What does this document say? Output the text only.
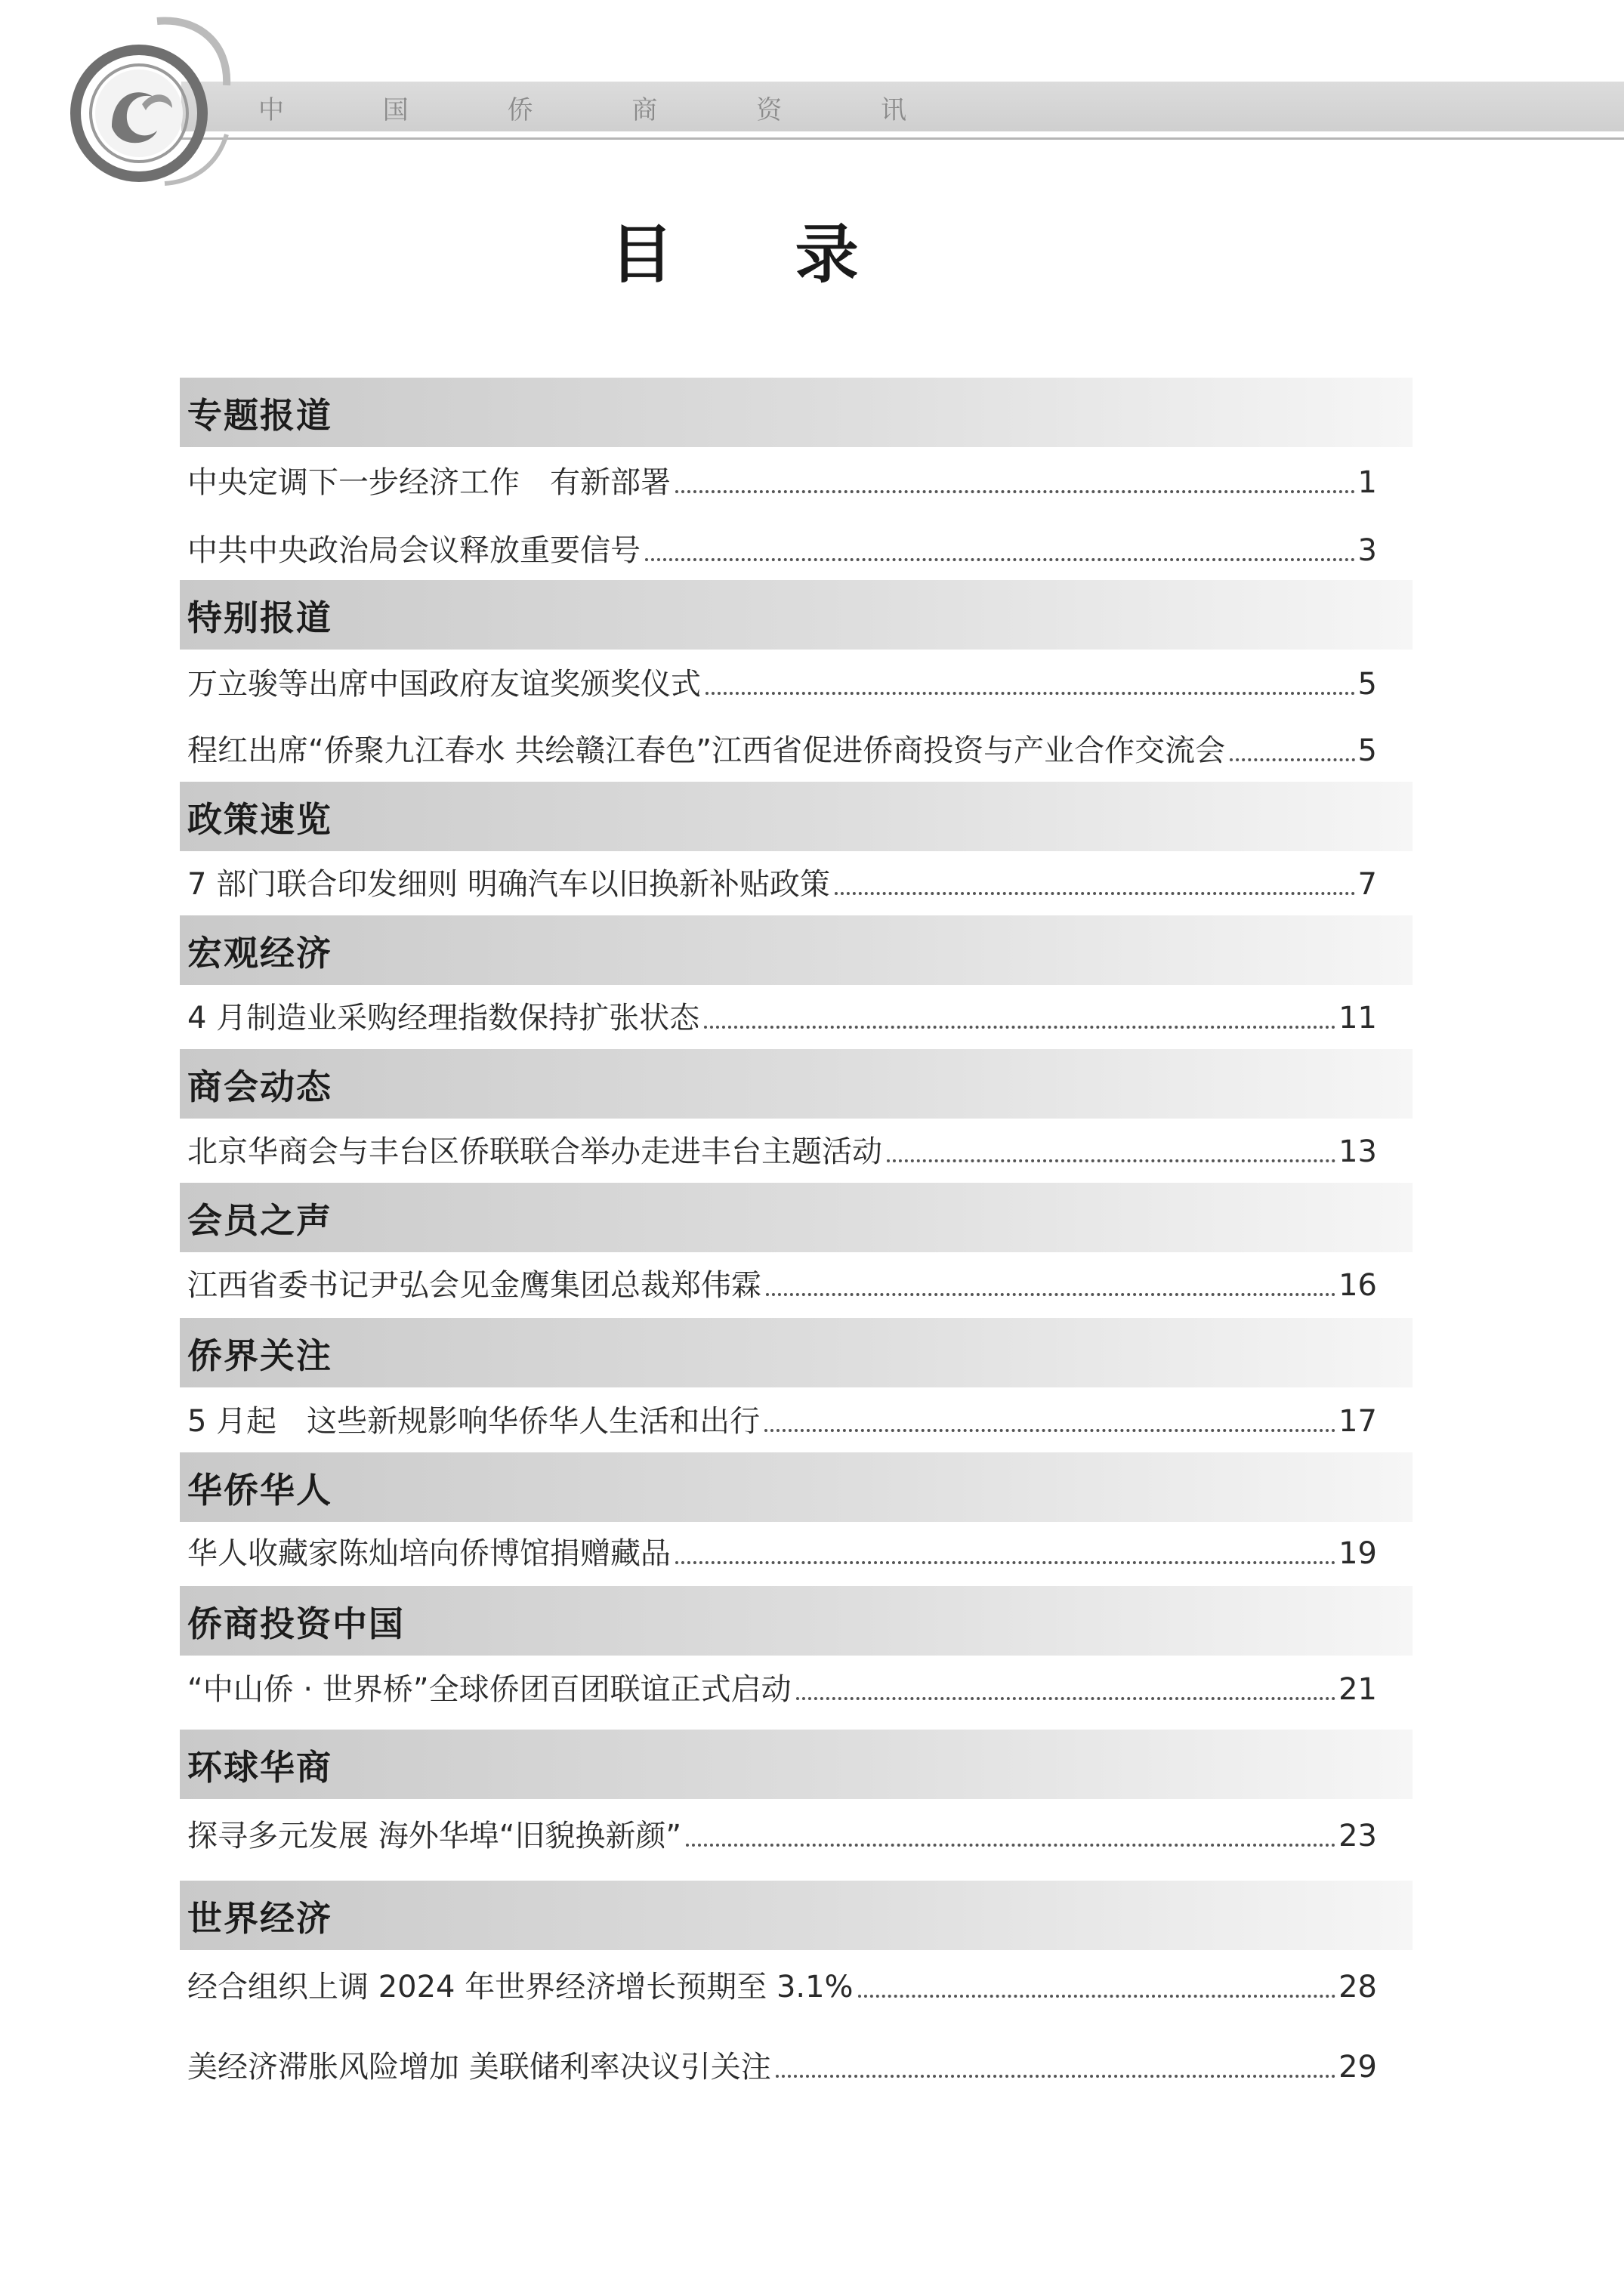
中 国 侨 商 资 讯
目 录
专题报道
中央定调下一步经济工作　有新部署	1
中共中央政治局会议释放重要信号	3
特别报道
万立骏等出席中国政府友谊奖颁奖仪式	5
程红出席“侨聚九江春水 共绘赣江春色”江西省促进侨商投资与产业合作交流会	5
政策速览
7 部门联合印发细则 明确汽车以旧换新补贴政策	7
宏观经济
4 月制造业采购经理指数保持扩张状态	11
商会动态
北京华商会与丰台区侨联联合举办走进丰台主题活动	13
会员之声
江西省委书记尹弘会见金鹰集团总裁郑伟霖	16
侨界关注
5 月起　这些新规影响华侨华人生活和出行	17
华侨华人
华人收藏家陈灿培向侨博馆捐赠藏品	19
侨商投资中国
“中山侨 · 世界桥”全球侨团百团联谊正式启动	21
环球华商
探寻多元发展 海外华埠“旧貌换新颜”	23
世界经济
经合组织上调 2024 年世界经济增长预期至 3.1%	28
美经济滞胀风险增加 美联储利率决议引关注	29
